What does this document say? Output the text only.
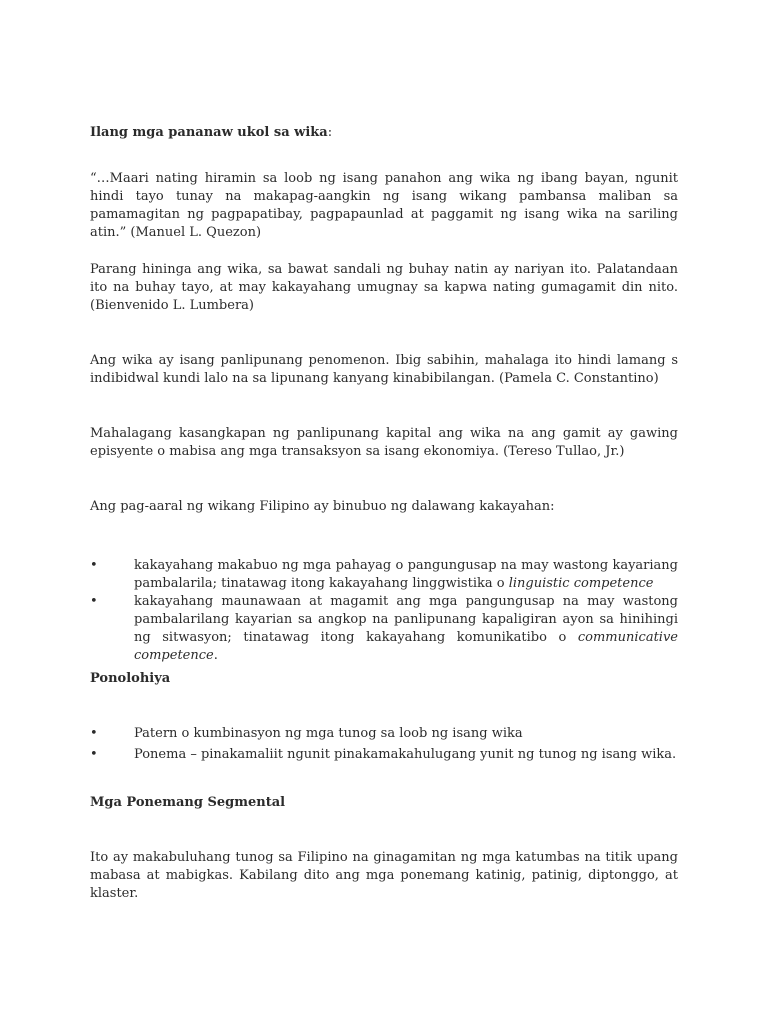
Ilang mga pananaw ukol sa wika:
“…Maari nating hiramin sa loob ng isang panahon ang wika ng ibang bayan, ngunit hindi tayo tunay na makapag-aangkin ng isang wikang pambansa maliban sa pamamagitan ng pagpapatibay, pagpapaunlad at paggamit ng isang wika na sariling atin.” (Manuel L. Quezon)
Parang hininga ang wika, sa bawat sandali ng buhay natin ay nariyan ito. Palatandaan ito na buhay tayo, at may kakayahang umugnay sa kapwa nating gumagamit din nito. (Bienvenido L. Lumbera)
Ang wika ay isang panlipunang penomenon. Ibig sabihin, mahalaga ito hindi lamang s indibidwal kundi lalo na sa lipunang kanyang kinabibilangan. (Pamela C. Constantino)
Mahalagang kasangkapan ng panlipunang kapital ang wika na ang gamit ay gawing episyente o mabisa ang mga transaksyon sa isang ekonomiya. (Tereso Tullao, Jr.)
Ang pag-aaral ng wikang Filipino ay binubuo ng dalawang kakayahan:
•	kakayahang makabuo ng mga pahayag o pangungusap na may wastong kayariang pambalarila; tinatawag itong kakayahang linggwistika o linguistic competence
•	kakayahang maunawaan at magamit ang mga pangungusap na may wastong pambalarilang kayarian sa angkop na panlipunang kapaligiran ayon sa hinihingi ng sitwasyon; tinatawag itong kakayahang komunikatibo o communicative competence.
Ponolohiya
•	Patern o kumbinasyon ng mga tunog sa loob ng isang wika
•	Ponema – pinakamaliit ngunit pinakamakahulugang yunit ng tunog ng isang wika.
Mga Ponemang Segmental
Ito ay makabuluhang tunog sa Filipino na ginagamitan ng mga katumbas na titik upang mabasa at mabigkas. Kabilang dito ang mga ponemang katinig, patinig, diptonggo, at klaster.
